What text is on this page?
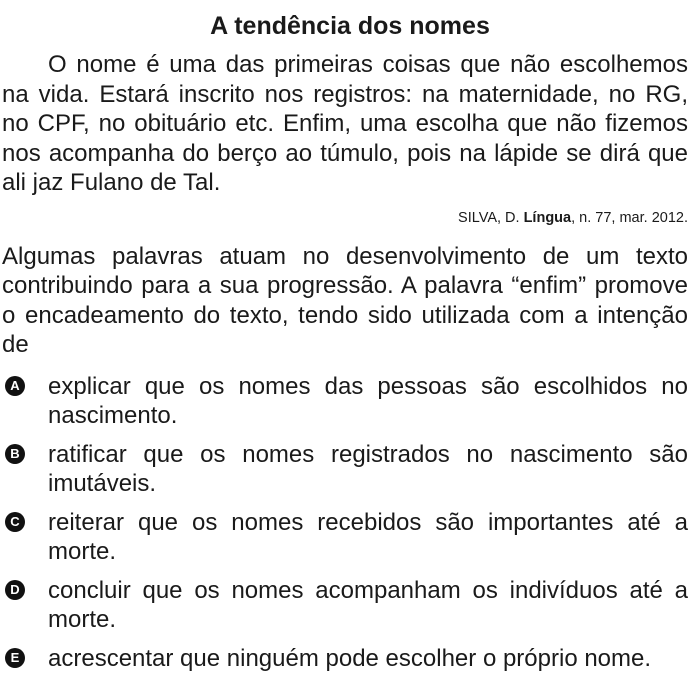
A tendência dos nomes

O nome é uma das primeiras coisas que não escolhemos na vida. Estará inscrito nos registros: na maternidade, no RG, no CPF, no obituário etc. Enfim, uma escolha que não fizemos nos acompanha do berço ao túmulo, pois na lápide se dirá que ali jaz Fulano de Tal.

SILVA, D. Língua, n. 77, mar. 2012.

Algumas palavras atuam no desenvolvimento de um texto contribuindo para a sua progressão. A palavra “enfim” promove o encadeamento do texto, tendo sido utilizada com a intenção de

A explicar que os nomes das pessoas são escolhidos no nascimento.
B ratificar que os nomes registrados no nascimento são imutáveis.
C reiterar que os nomes recebidos são importantes até a morte.
D concluir que os nomes acompanham os indivíduos até a morte.
E acrescentar que ninguém pode escolher o próprio nome.
